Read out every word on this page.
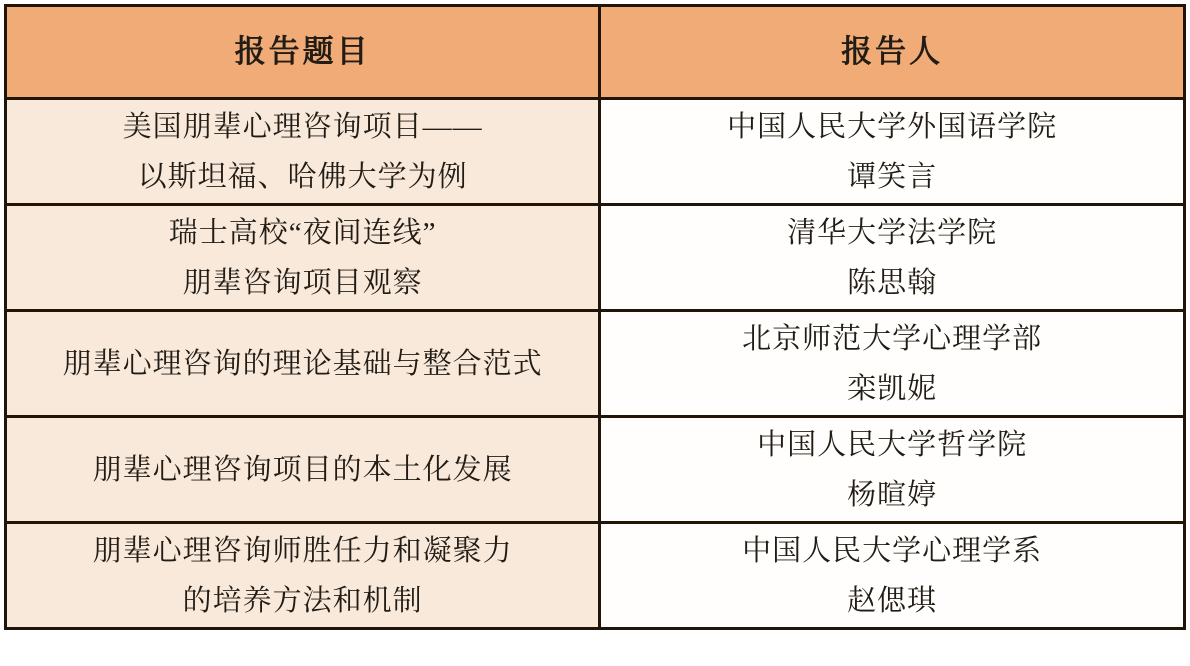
报告题目	报告人

美国朋辈心理咨询项目——
以斯坦福、哈佛大学为例	中国人民大学外国语学院
谭笑言

瑞士高校“夜间连线”
朋辈咨询项目观察	清华大学法学院
陈思翰

朋辈心理咨询的理论基础与整合范式	北京师范大学心理学部
栾凯妮

朋辈心理咨询项目的本土化发展	中国人民大学哲学院
杨暄婷

朋辈心理咨询师胜任力和凝聚力
的培养方法和机制	中国人民大学心理学系
赵偲琪
